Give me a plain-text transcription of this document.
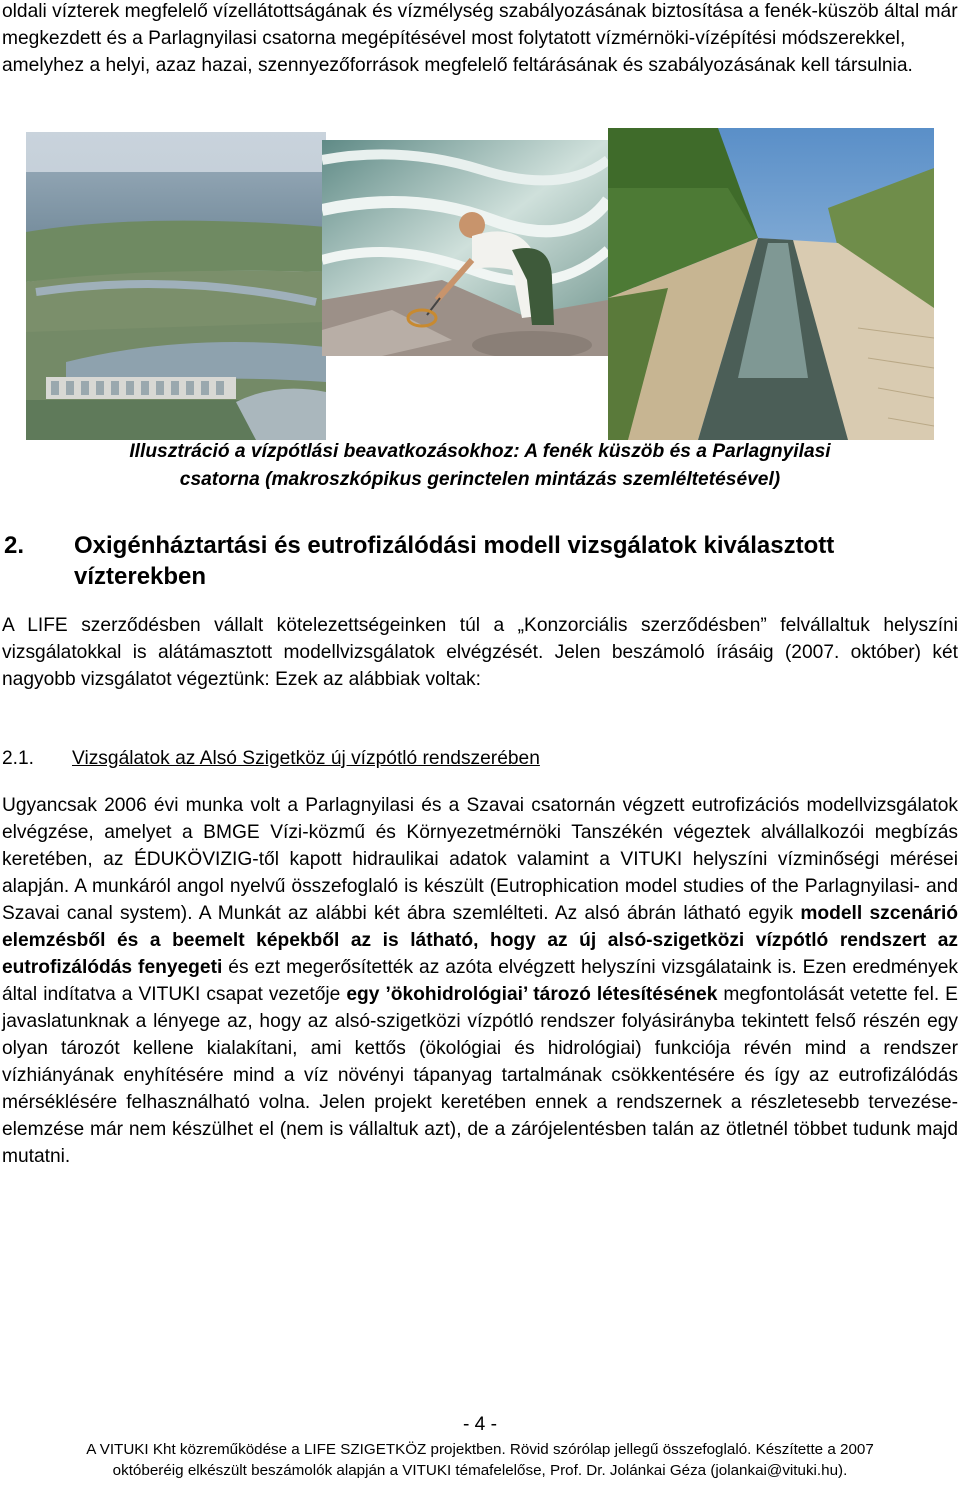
oldali vízterek megfelelő vízellátottságának és vízmélység szabályozásának biztosítása a fenék-küszöb által már megkezdett és a Parlagnyilasi csatorna megépítésével most folytatott vízmérnöki-vízépítési módszerekkel, amelyhez a helyi, azaz hazai, szennyezőforrások megfelelő feltárásának és szabályozásának kell társulnia.

Illusztráció a vízpótlási beavatkozásokhoz: A fenék küszöb és a Parlagnyilasi
csatorna (makroszkópikus gerinctelen mintázás szemléltetésével)

2. Oxigénháztartási és eutrofizálódási modell vizsgálatok kiválasztott vízterekben

A LIFE szerződésben vállalt kötelezettségeinken túl a „Konzorciális szerződésben” felvállaltuk helyszíni vizsgálatokkal is alátámasztott modellvizsgálatok elvégzését. Jelen beszámoló írásáig (2007. október) két nagyobb vizsgálatot végeztünk: Ezek az alábbiak voltak:

2.1. Vizsgálatok az Alsó Szigetköz új vízpótló rendszerében

Ugyancsak 2006 évi munka volt a Parlagnyilasi és a Szavai csatornán végzett eutrofizációs modellvizsgálatok elvégzése, amelyet a BMGE Vízi-közmű és Környezetmérnöki Tanszékén végeztek alvállalkozói megbízás keretében, az ÉDUKÖVIZIG-től kapott hidraulikai adatok valamint a VITUKI helyszíni vízminőségi mérései alapján. A munkáról angol nyelvű összefoglaló is készült (Eutrophication model studies of the Parlagnyilasi- and Szavai canal system). A Munkát az alábbi két ábra szemlélteti. Az alsó ábrán látható egyik modell szcenárió elemzésből és a beemelt képekből az is látható, hogy az új alsó-szigetközi vízpótló rendszert az eutrofizálódás fenyegeti és ezt megerősítették az azóta elvégzett helyszíni vizsgálataink is. Ezen eredmények által indítatva a VITUKI csapat vezetője egy ’ökohidrológiai’ tározó létesítésének megfontolását vetette fel. E javaslatunknak a lényege az, hogy az alsó-szigetközi vízpótló rendszer folyásirányba tekintett felső részén egy olyan tározót kellene kialakítani, ami kettős (ökológiai és hidrológiai) funkciója révén mind a rendszer vízhiányának enyhítésére mind a víz növényi tápanyag tartalmának csökkentésére és így az eutrofizálódás mérséklésére felhasználható volna. Jelen projekt keretében ennek a rendszernek a részletesebb tervezése-elemzése már nem készülhet el (nem is vállaltuk azt), de a zárójelentésben talán az ötletnél többet tudunk majd mutatni.

- 4 -
A VITUKI Kht közreműködése a LIFE SZIGETKÖZ projektben. Rövid szórólap jellegű összefoglaló. Készítette a 2007
októberéig elkészült beszámolók alapján a VITUKI témafelelőse, Prof. Dr. Jolánkai Géza (jolankai@vituki.hu).
